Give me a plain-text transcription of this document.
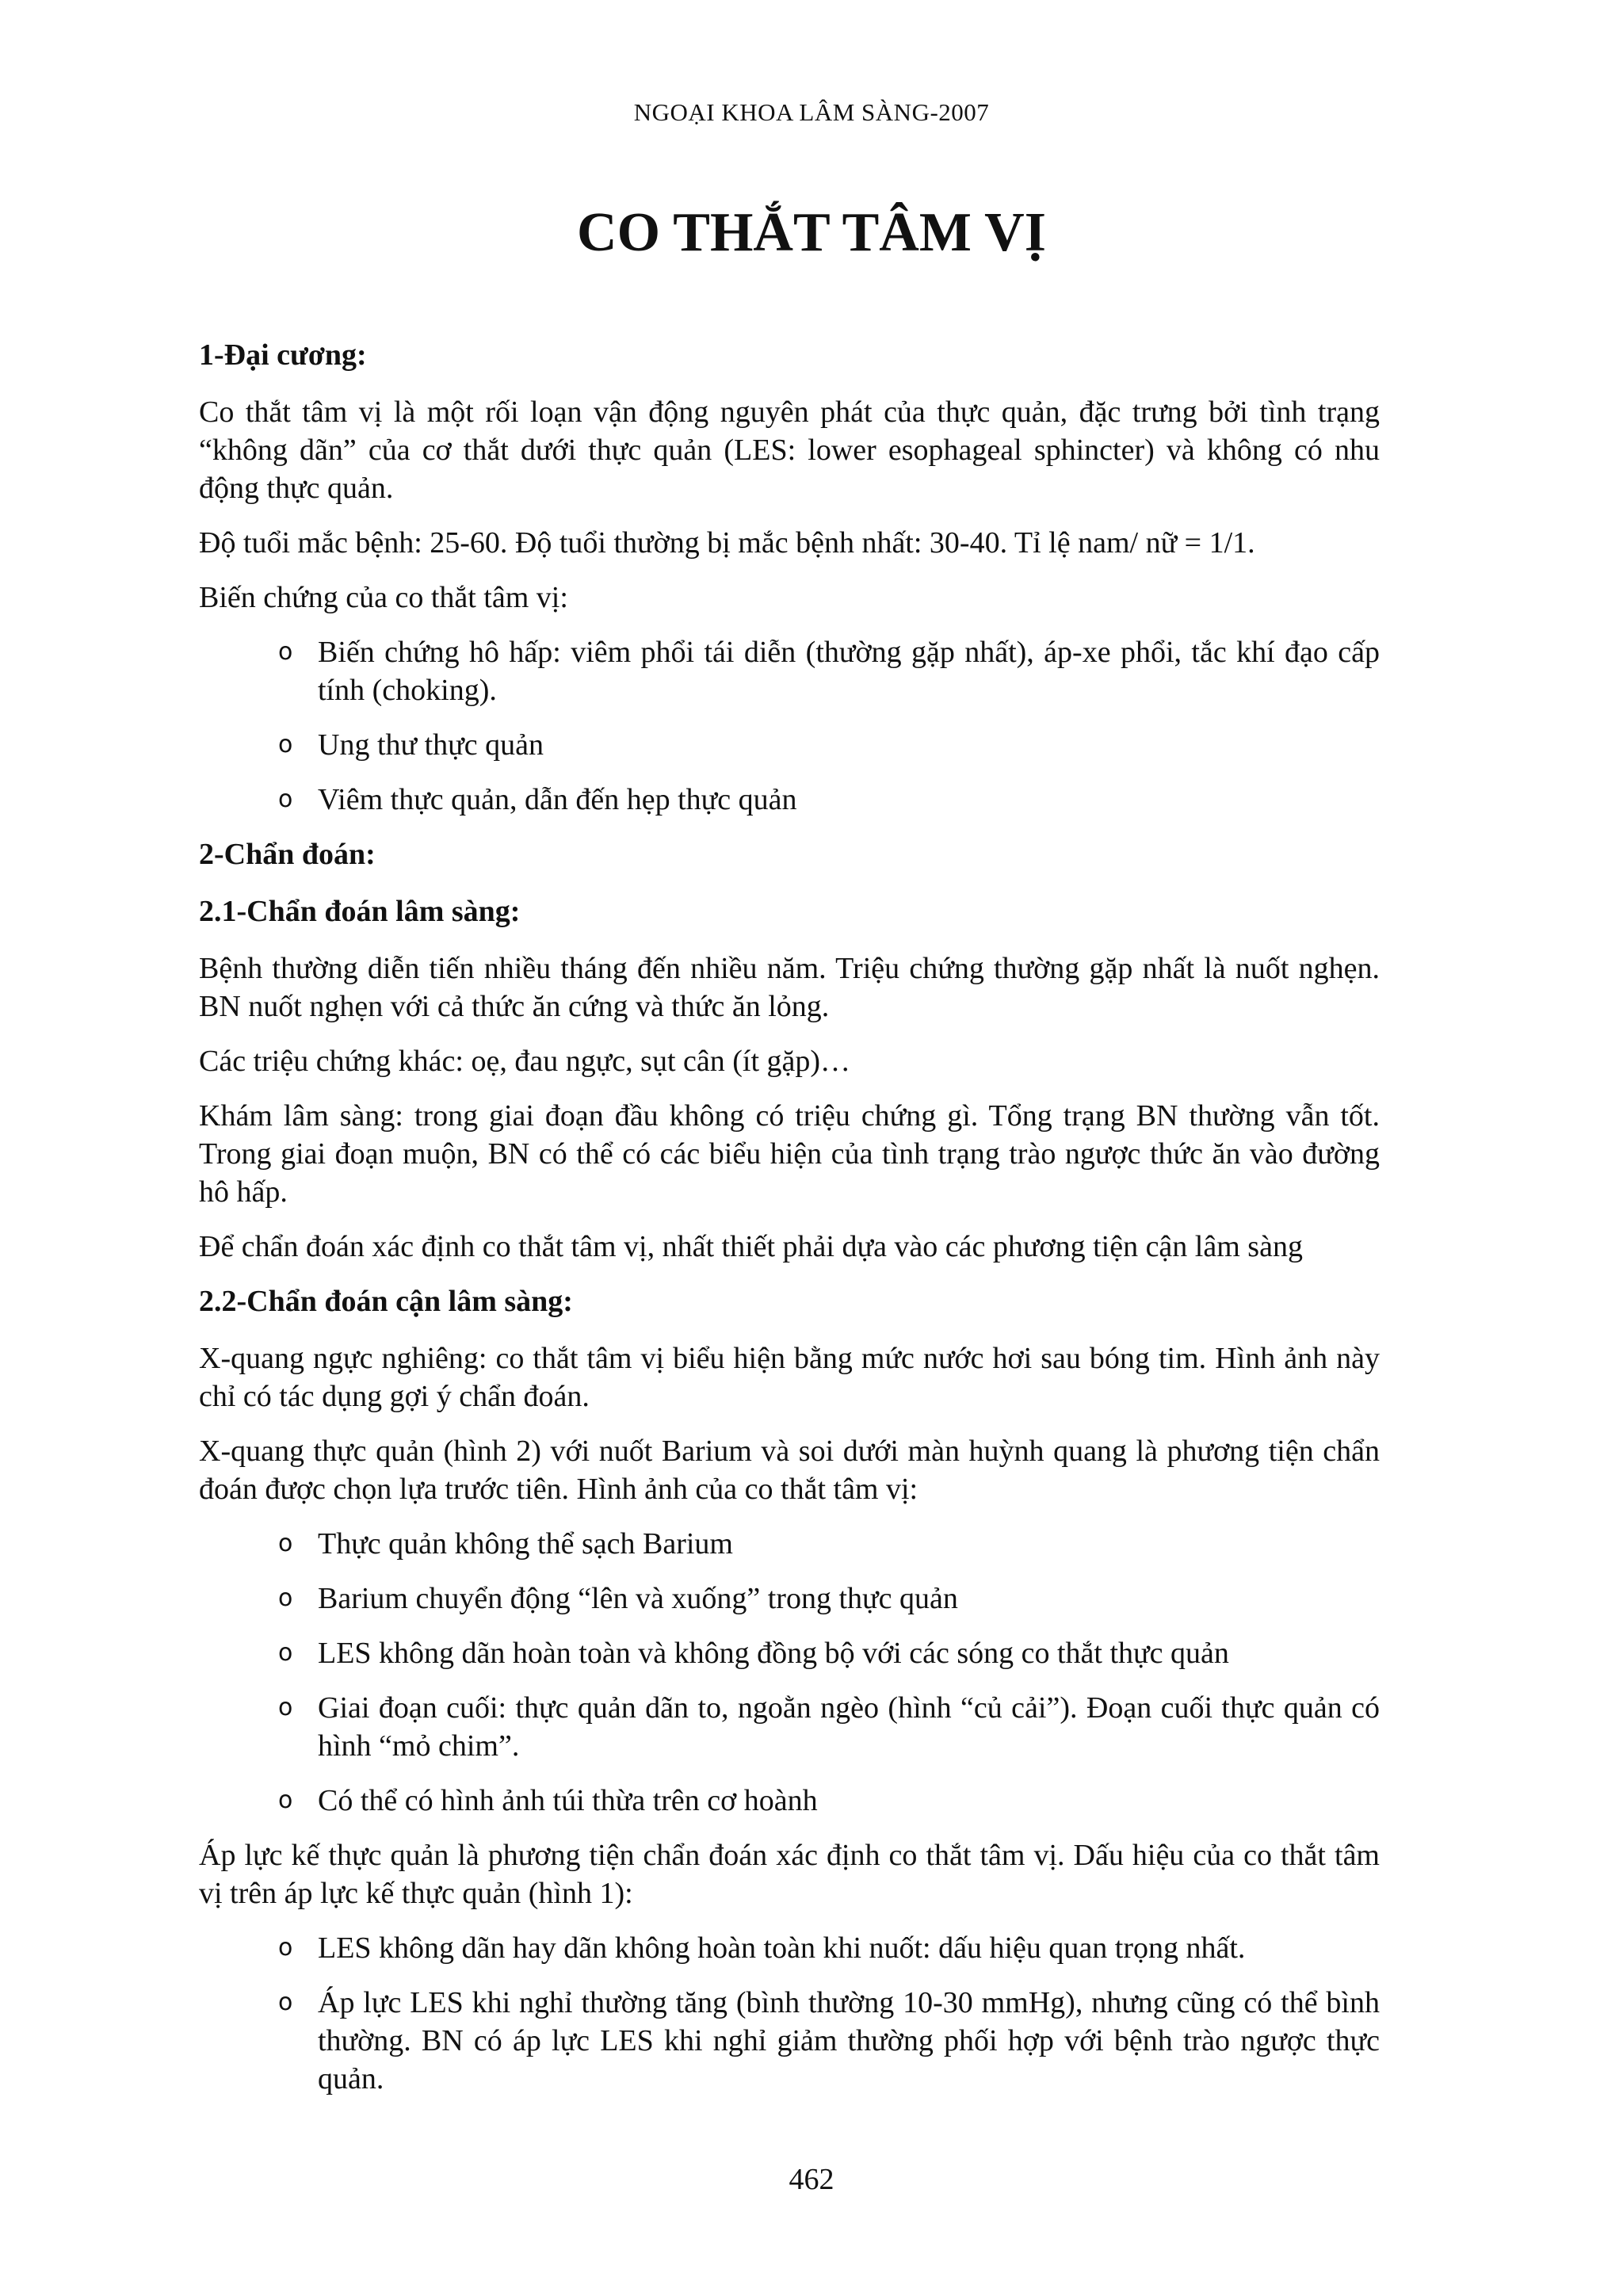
NGOẠI KHOA LÂM SÀNG-2007
CO THẮT TÂM VỊ
1-Đại cương:

Co thắt tâm vị là một rối loạn vận động nguyên phát của thực quản, đặc trưng bởi tình trạng “không dãn” của cơ thắt dưới thực quản (LES: lower esophageal sphincter) và không có nhu động thực quản.

Độ tuổi mắc bệnh: 25-60. Độ tuổi thường bị mắc bệnh nhất: 30-40. Tỉ lệ nam/ nữ = 1/1.

Biến chứng của co thắt tâm vị:

o Biến chứng hô hấp: viêm phổi tái diễn (thường gặp nhất), áp-xe phổi, tắc khí đạo cấp tính (choking).
o Ung thư thực quản
o Viêm thực quản, dẫn đến hẹp thực quản
2-Chẩn đoán:
2.1-Chẩn đoán lâm sàng:

Bệnh thường diễn tiến nhiều tháng đến nhiều năm. Triệu chứng thường gặp nhất là nuốt nghẹn. BN nuốt nghẹn với cả thức ăn cứng và thức ăn lỏng.

Các triệu chứng khác: oẹ, đau ngực, sụt cân (ít gặp)…

Khám lâm sàng: trong giai đoạn đầu không có triệu chứng gì. Tổng trạng BN thường vẫn tốt. Trong giai đoạn muộn, BN có thể có các biểu hiện của tình trạng trào ngược thức ăn vào đường hô hấp.

Để chẩn đoán xác định co thắt tâm vị, nhất thiết phải dựa vào các phương tiện cận lâm sàng

2.2-Chẩn đoán cận lâm sàng:

X-quang ngực nghiêng: co thắt tâm vị biểu hiện bằng mức nước hơi sau bóng tim. Hình ảnh này chỉ có tác dụng gợi ý chẩn đoán.

X-quang thực quản (hình 2) với nuốt Barium và soi dưới màn huỳnh quang là phương tiện chẩn đoán được chọn lựa trước tiên. Hình ảnh của co thắt tâm vị:

o Thực quản không thể sạch Barium
o Barium chuyển động “lên và xuống” trong thực quản
o LES không dãn hoàn toàn và không đồng bộ với các sóng co thắt thực quản
o Giai đoạn cuối: thực quản dãn to, ngoằn ngèo (hình “củ cải”). Đoạn cuối thực quản có hình “mỏ chim”.
o Có thể có hình ảnh túi thừa trên cơ hoành

Áp lực kế thực quản là phương tiện chẩn đoán xác định co thắt tâm vị. Dấu hiệu của co thắt tâm vị trên áp lực kế thực quản (hình 1):

o LES không dãn hay dãn không hoàn toàn khi nuốt: dấu hiệu quan trọng nhất.
o Áp lực LES khi nghỉ thường tăng (bình thường 10-30 mmHg), nhưng cũng có thể bình thường. BN có áp lực LES khi nghỉ giảm thường phối hợp với bệnh trào ngược thực quản.
462
